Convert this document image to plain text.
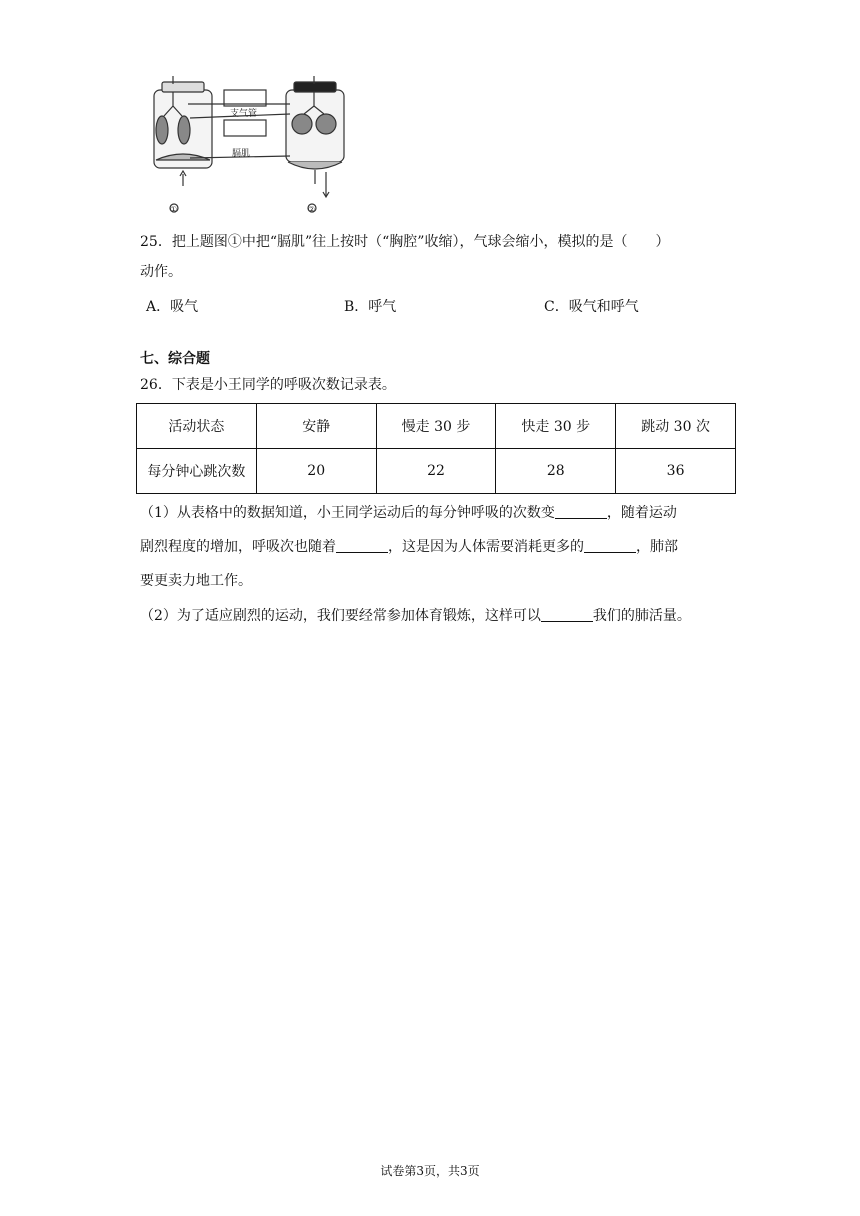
支气管
膈肌
①	②
25．把上题图①中把“膈肌”往上按时（“胸腔”收缩），气球会缩小，模拟的是（　　）
动作。
A．吸气	B．呼气	C．吸气和呼气
七、综合题
26．下表是小王同学的呼吸次数记录表。
活动状态	安静	慢走 30 步	快走 30 步	跳动 30 次
每分钟心跳次数	20	22	28	36
（1）从表格中的数据知道，小王同学运动后的每分钟呼吸的次数变	，随着运动
剧烈程度的增加，呼吸次也随着	，这是因为人体需要消耗更多的	，肺部
要更卖力地工作。
（2）为了适应剧烈的运动，我们要经常参加体育锻炼，这样可以	我们的肺活量。
试卷第3页，共3页
